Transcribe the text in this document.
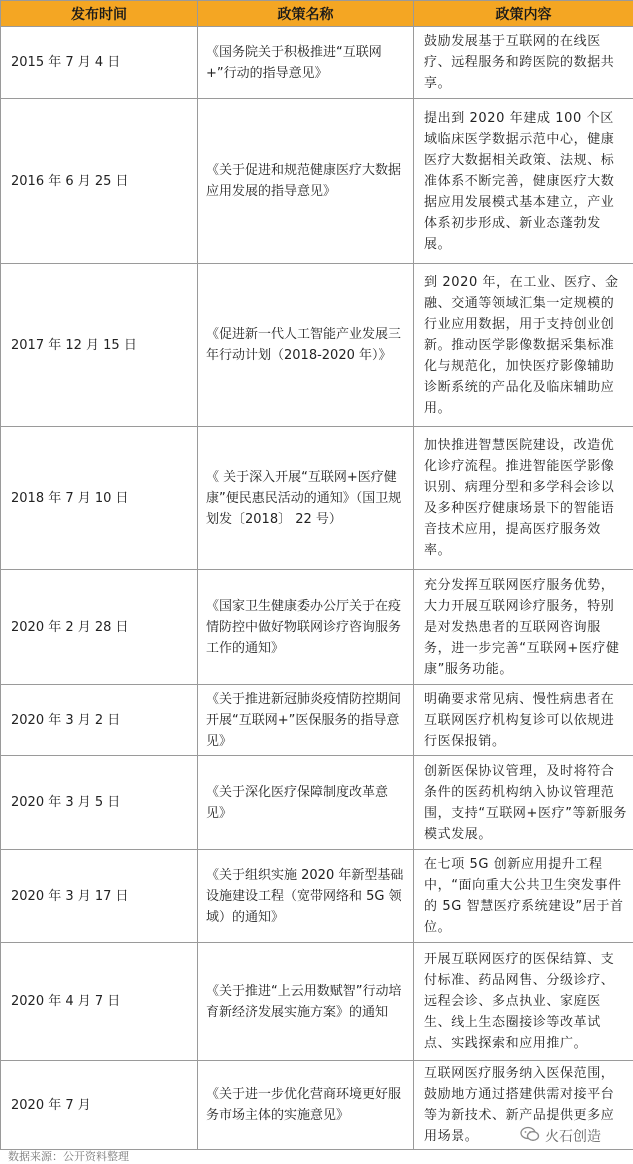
发布时间	政策名称	政策内容
2015 年 7 月 4 日	《国务院关于积极推进“互联网+”行动的指导意见》	鼓励发展基于互联网的在线医疗、远程服务和跨医院的数据共享。
2016 年 6 月 25 日	《关于促进和规范健康医疗大数据应用发展的指导意见》	提出到 2020 年建成 100 个区域临床医学数据示范中心，健康医疗大数据相关政策、法规、标准体系不断完善，健康医疗大数据应用发展模式基本建立，产业体系初步形成、新业态蓬勃发展。
2017 年 12 月 15 日	《促进新一代人工智能产业发展三年行动计划（2018-2020 年）》	到 2020 年，在工业、医疗、金融、交通等领域汇集一定规模的行业应用数据，用于支持创业创新。推动医学影像数据采集标准化与规范化，加快医疗影像辅助诊断系统的产品化及临床辅助应用。
2018 年 7 月 10 日	《 关于深入开展“互联网+医疗健康”便民惠民活动的通知》（国卫规划发〔2018〕 22 号）	加快推进智慧医院建设，改造优化诊疗流程。推进智能医学影像识别、病理分型和多学科会诊以及多种医疗健康场景下的智能语音技术应用，提高医疗服务效率。
2020 年 2 月 28 日	《国家卫生健康委办公厅关于在疫情防控中做好物联网诊疗咨询服务工作的通知》	充分发挥互联网医疗服务优势，大力开展互联网诊疗服务，特别是对发热患者的互联网咨询服务，进一步完善“互联网+医疗健康”服务功能。
2020 年 3 月 2 日	《关于推进新冠肺炎疫情防控期间开展“互联网+”医保服务的指导意见》	明确要求常见病、慢性病患者在互联网医疗机构复诊可以依规进行医保报销。
2020 年 3 月 5 日	《关于深化医疗保障制度改革意见》	创新医保协议管理，及时将符合条件的医药机构纳入协议管理范围，支持“互联网+医疗”等新服务模式发展。
2020 年 3 月 17 日	《关于组织实施 2020 年新型基础设施建设工程（宽带网络和 5G 领域）的通知》	在七项 5G 创新应用提升工程中，“面向重大公共卫生突发事件的 5G 智慧医疗系统建设”居于首位。
2020 年 4 月 7 日	《关于推进“上云用数赋智”行动培育新经济发展实施方案》的通知	开展互联网医疗的医保结算、支付标准、药品网售、分级诊疗、远程会诊、多点执业、家庭医生、线上生态圈接诊等改革试点、实践探索和应用推广。
2020 年 7 月	《关于进一步优化营商环境更好服务市场主体的实施意见》	互联网医疗服务纳入医保范围，鼓励地方通过搭建供需对接平台等为新技术、新产品提供更多应用场景。	火石创造
数据来源：公开资料整理
